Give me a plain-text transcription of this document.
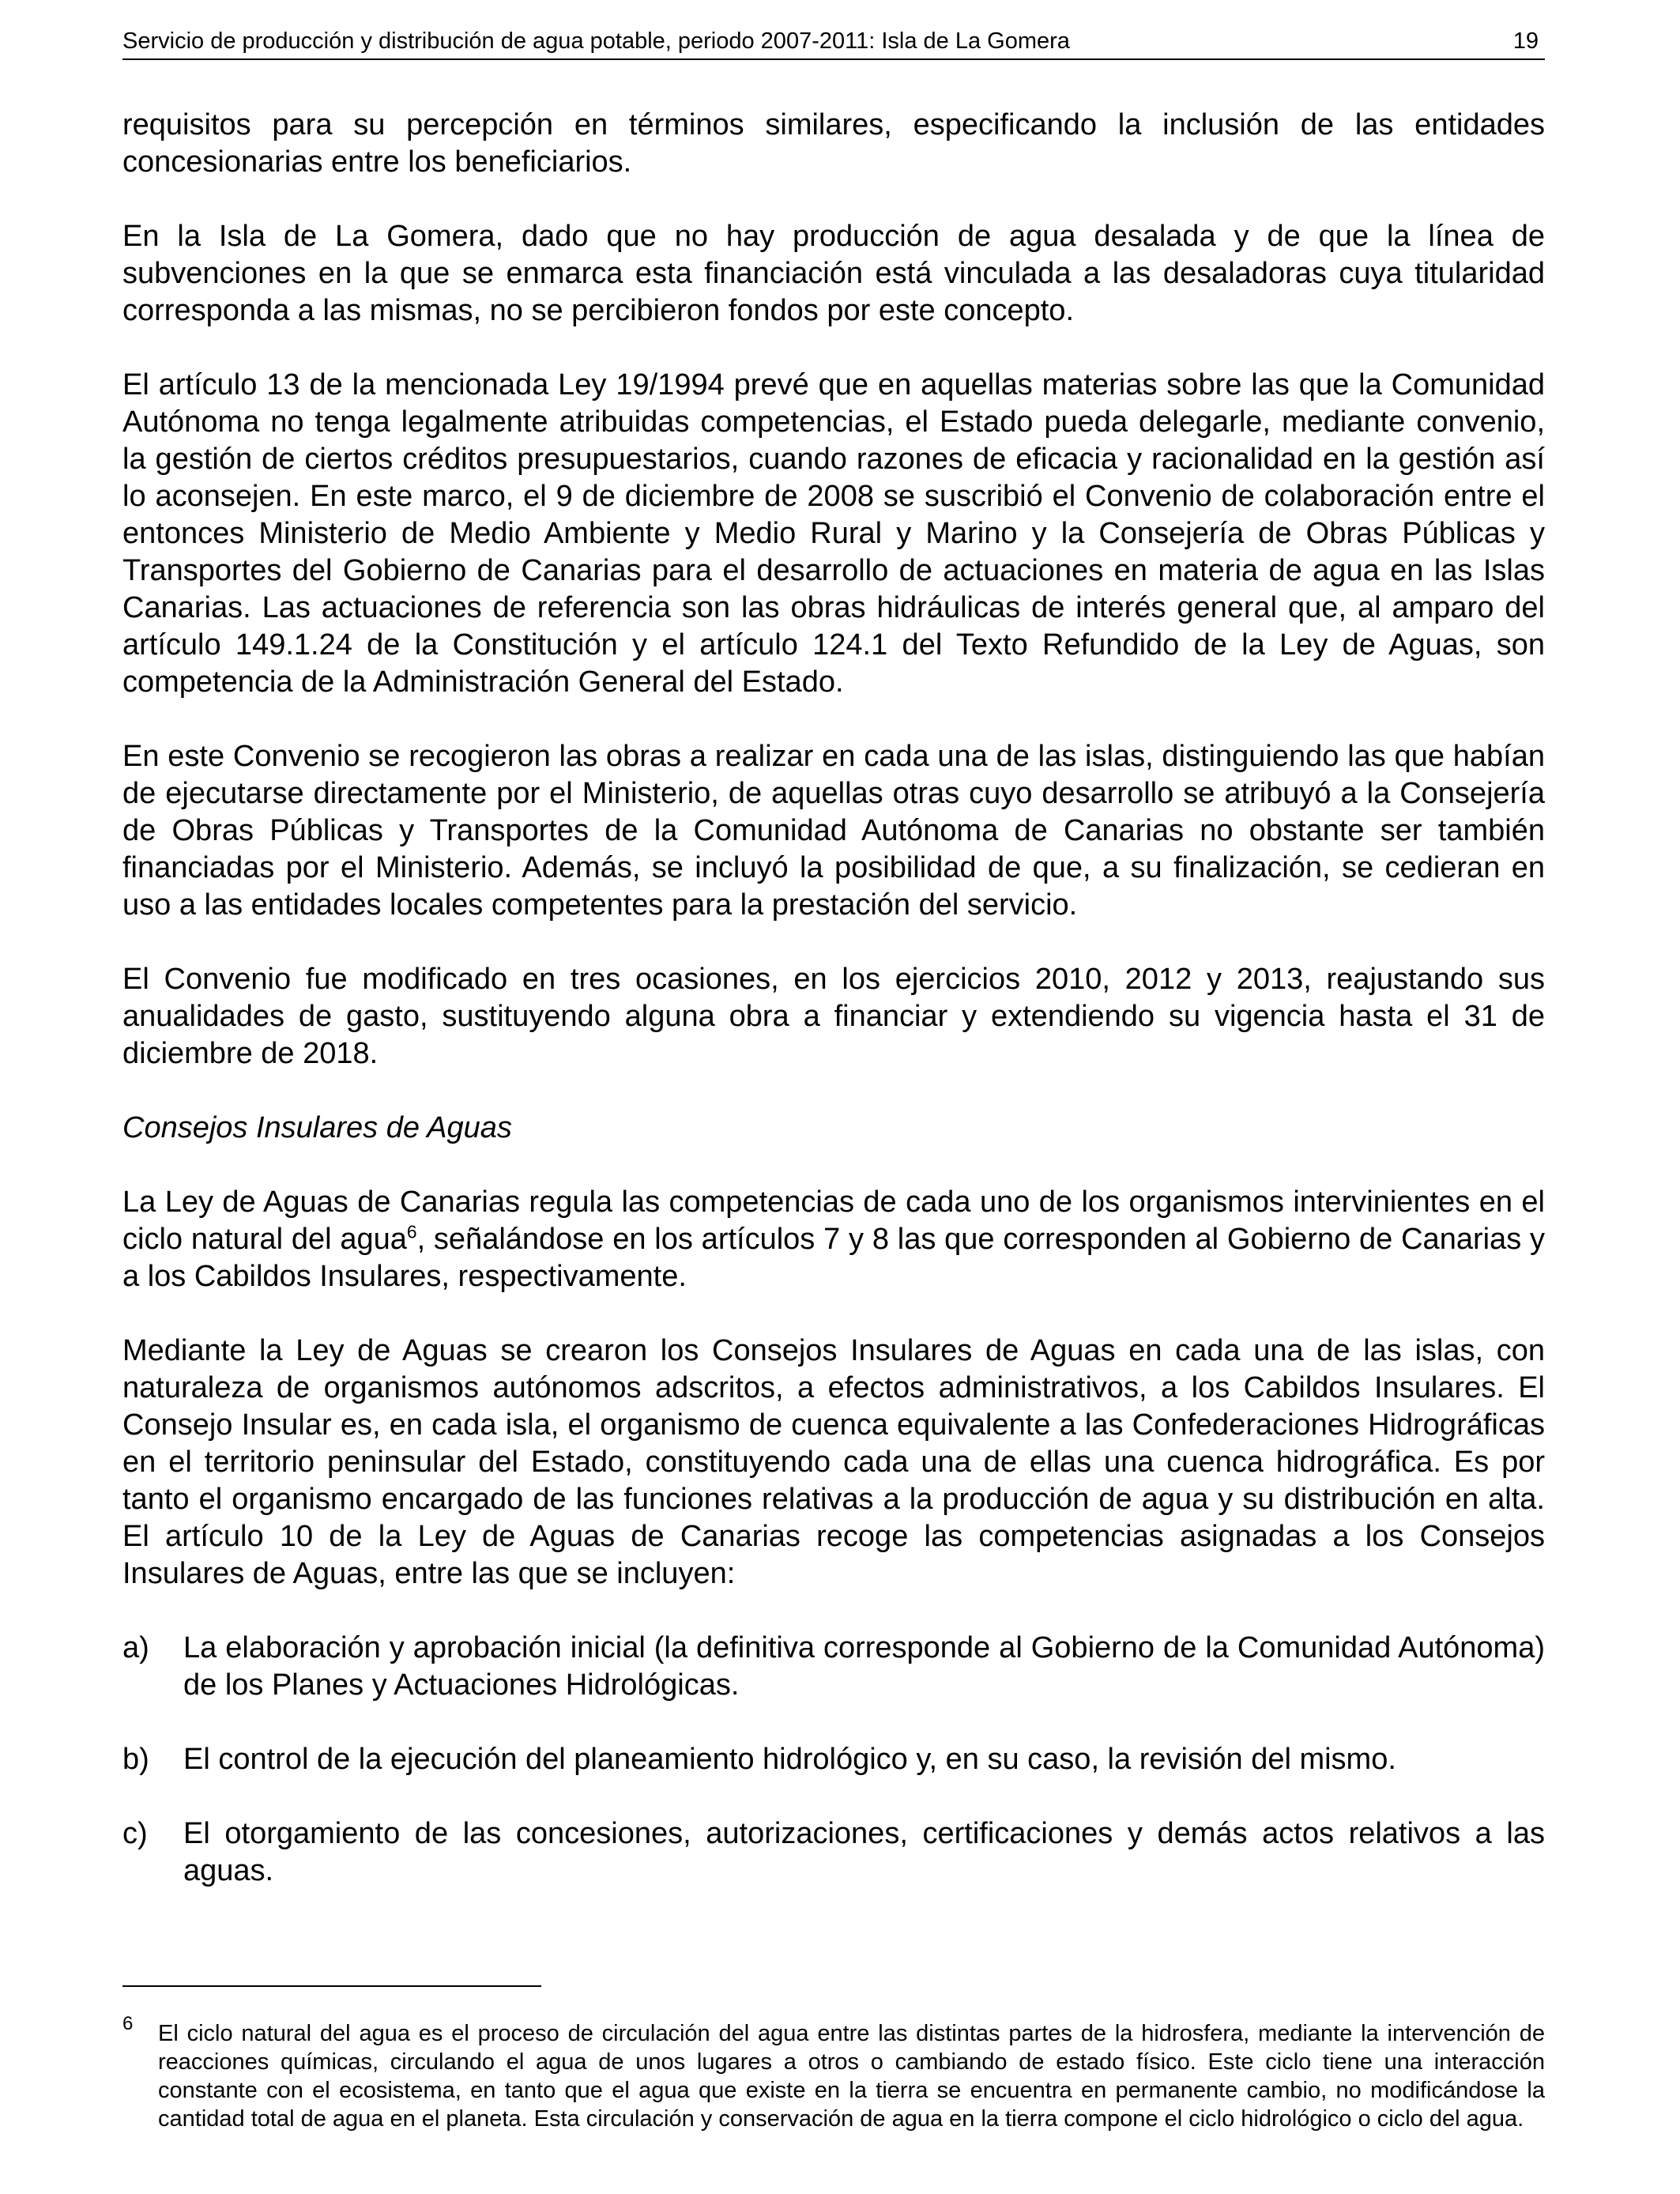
Servicio de producción y distribución de agua potable, periodo 2007-2011: Isla de La Gomera	19

requisitos para su percepción en términos similares, especificando la inclusión de las entidades concesionarias entre los beneficiarios.

En la Isla de La Gomera, dado que no hay producción de agua desalada y de que la línea de subvenciones en la que se enmarca esta financiación está vinculada a las desaladoras cuya titularidad corresponda a las mismas, no se percibieron fondos por este concepto.

El artículo 13 de la mencionada Ley 19/1994 prevé que en aquellas materias sobre las que la Comunidad Autónoma no tenga legalmente atribuidas competencias, el Estado pueda delegarle, mediante convenio, la gestión de ciertos créditos presupuestarios, cuando razones de eficacia y racionalidad en la gestión así lo aconsejen. En este marco, el 9 de diciembre de 2008 se suscribió el Convenio de colaboración entre el entonces Ministerio de Medio Ambiente y Medio Rural y Marino y la Consejería de Obras Públicas y Transportes del Gobierno de Canarias para el desarrollo de actuaciones en materia de agua en las Islas Canarias. Las actuaciones de referencia son las obras hidráulicas de interés general que, al amparo del artículo 149.1.24 de la Constitución y el artículo 124.1 del Texto Refundido de la Ley de Aguas, son competencia de la Administración General del Estado.

En este Convenio se recogieron las obras a realizar en cada una de las islas, distinguiendo las que habían de ejecutarse directamente por el Ministerio, de aquellas otras cuyo desarrollo se atribuyó a la Consejería de Obras Públicas y Transportes de la Comunidad Autónoma de Canarias no obstante ser también financiadas por el Ministerio. Además, se incluyó la posibilidad de que, a su finalización, se cedieran en uso a las entidades locales competentes para la prestación del servicio.

El Convenio fue modificado en tres ocasiones, en los ejercicios 2010, 2012 y 2013, reajustando sus anualidades de gasto, sustituyendo alguna obra a financiar y extendiendo su vigencia hasta el 31 de diciembre de 2018.

Consejos Insulares de Aguas

La Ley de Aguas de Canarias regula las competencias de cada uno de los organismos intervinientes en el ciclo natural del agua$^6$, señalándose en los artículos 7 y 8 las que corresponden al Gobierno de Canarias y a los Cabildos Insulares, respectivamente.

Mediante la Ley de Aguas se crearon los Consejos Insulares de Aguas en cada una de las islas, con naturaleza de organismos autónomos adscritos, a efectos administrativos, a los Cabildos Insulares. El Consejo Insular es, en cada isla, el organismo de cuenca equivalente a las Confederaciones Hidrográficas en el territorio peninsular del Estado, constituyendo cada una de ellas una cuenca hidrográfica. Es por tanto el organismo encargado de las funciones relativas a la producción de agua y su distribución en alta. El artículo 10 de la Ley de Aguas de Canarias recoge las competencias asignadas a los Consejos Insulares de Aguas, entre las que se incluyen:

a)	La elaboración y aprobación inicial (la definitiva corresponde al Gobierno de la Comunidad Autónoma) de los Planes y Actuaciones Hidrológicas.
b)	El control de la ejecución del planeamiento hidrológico y, en su caso, la revisión del mismo.
c)	El otorgamiento de las concesiones, autorizaciones, certificaciones y demás actos relativos a las aguas.
6 El ciclo natural del agua es el proceso de circulación del agua entre las distintas partes de la hidrosfera, mediante la intervención de reacciones químicas, circulando el agua de unos lugares a otros o cambiando de estado físico. Este ciclo tiene una interacción constante con el ecosistema, en tanto que el agua que existe en la tierra se encuentra en permanente cambio, no modificándose la cantidad total de agua en el planeta. Esta circulación y conservación de agua en la tierra compone el ciclo hidrológico o ciclo del agua.
